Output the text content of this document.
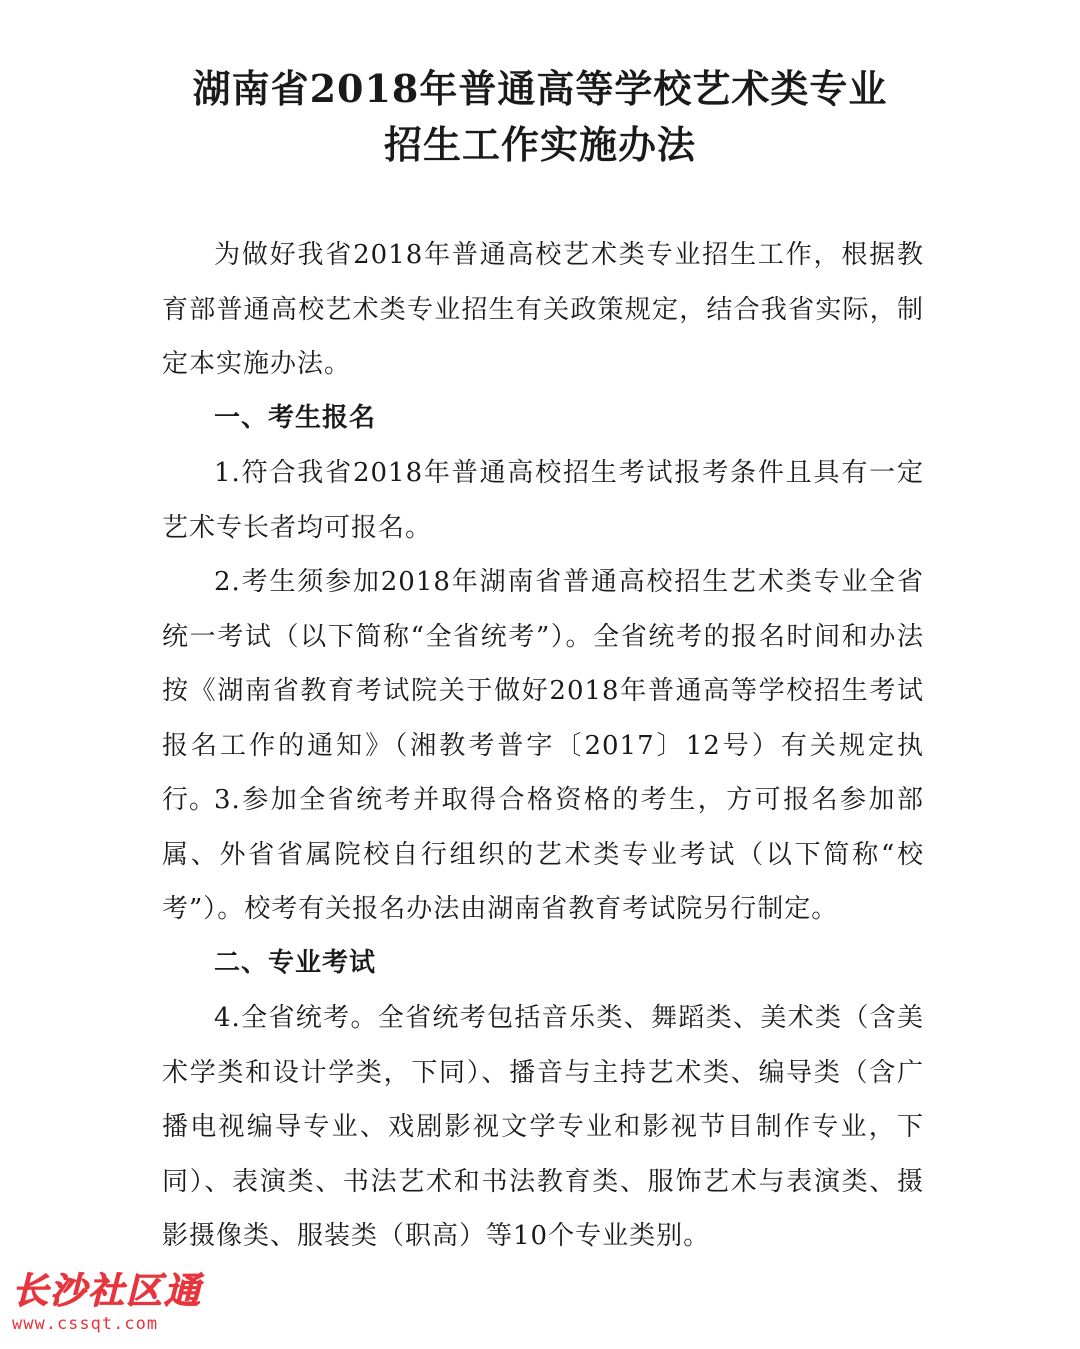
湖南省2018年普通高等学校艺术类专业
招生工作实施办法

为做好我省2018年普通高校艺术类专业招生工作，根据教育部普通高校艺术类专业招生有关政策规定，结合我省实际，制定本实施办法。

一、考生报名

1.符合我省2018年普通高校招生考试报考条件且具有一定艺术专长者均可报名。

2.考生须参加2018年湖南省普通高校招生艺术类专业全省统一考试（以下简称“全省统考”）。全省统考的报名时间和办法按《湖南省教育考试院关于做好2018年普通高等学校招生考试报名工作的通知》（湘教考普字〔2017〕12号）有关规定执行。

3.参加全省统考并取得合格资格的考生，方可报名参加部属、外省省属院校自行组织的艺术类专业考试（以下简称“校考”）。校考有关报名办法由湖南省教育考试院另行制定。

二、专业考试

4.全省统考。全省统考包括音乐类、舞蹈类、美术类（含美术学类和设计学类，下同）、播音与主持艺术类、编导类（含广播电视编导专业、戏剧影视文学专业和影视节目制作专业，下同）、表演类、书法艺术和书法教育类、服饰艺术与表演类、摄影摄像类、服装类（职高）等10个专业类别。

长沙社区通
www.cssqt.com
